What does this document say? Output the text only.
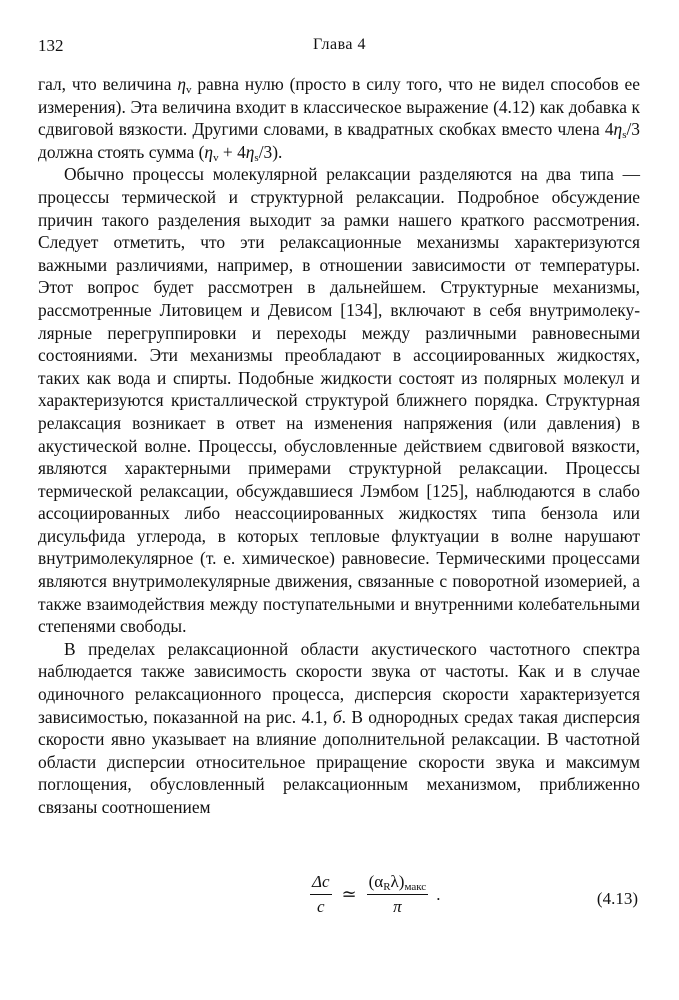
132	Глава 4

гал, что величина $\eta_v$ равна нулю (просто в силу того, что не видел способов ее измерения). Эта величина входит в классическое выражение (4.12) как добавка к сдвиговой вязкости. Другими словами, в квадратных скобках вместо члена $4\eta_s/3$ должна стоять сумма $(\eta_v + 4\eta_s/3)$.

Обычно процессы молекулярной релаксации разделяются на два типа — процессы термической и структурной релаксации. Подробное обсуждение причин такого разделения выходит за рамки нашего краткого рассмотрения. Следует отметить, что эти релаксационные механизмы характеризуются важными различиями, например, в отношении зависимости от температуры. Этот вопрос будет рассмотрен в дальнейшем. Структурные механизмы, рассмотренные Литовицем и Девисом [134], включают в себя внутримолекулярные перегруппировки и переходы между различными равновесными состояниями. Эти механизмы преобладают в ассоциированных жидкостях, таких как вода и спирты. Подобные жидкости состоят из полярных молекул и характеризуются кристаллической структурой ближнего порядка. Структурная релаксация возникает в ответ на изменения напряжения (или давления) в акустической волне. Процессы, обусловленные действием сдвиговой вязкости, являются характерными примерами структурной релаксации. Процессы термической релаксации, обсуждавшиеся Лэмбом [125], наблюдаются в слабо ассоциированных либо неассоциированных жидкостях типа бензола или дисульфида углерода, в которых тепловые флуктуации в волне нарушают внутримолекулярное (т. е. химическое) равновесие. Термическими процессами являются внутримолекулярные движения, связанные с поворотной изомерией, а также взаимодействия между поступательными и внутренними колебательными степенями свободы.

В пределах релаксационной области акустического частотного спектра наблюдается также зависимость скорости звука от частоты. Как и в случае одиночного релаксационного процесса, дисперсия скорости характеризуется зависимостью, показанной на рис. 4.1, б. В однородных средах такая дисперсия скорости явно указывает на влияние дополнительной релаксации. В частотной области дисперсии относительное приращение скорости звука и максимум поглощения, обусловленный релаксационным механизмом, приближенно связаны соотношением

$\frac{\Delta c}{c}$ ≃ $\frac{(\alpha_R\lambda)_{макс}}{\pi}$ .	(4.13)
